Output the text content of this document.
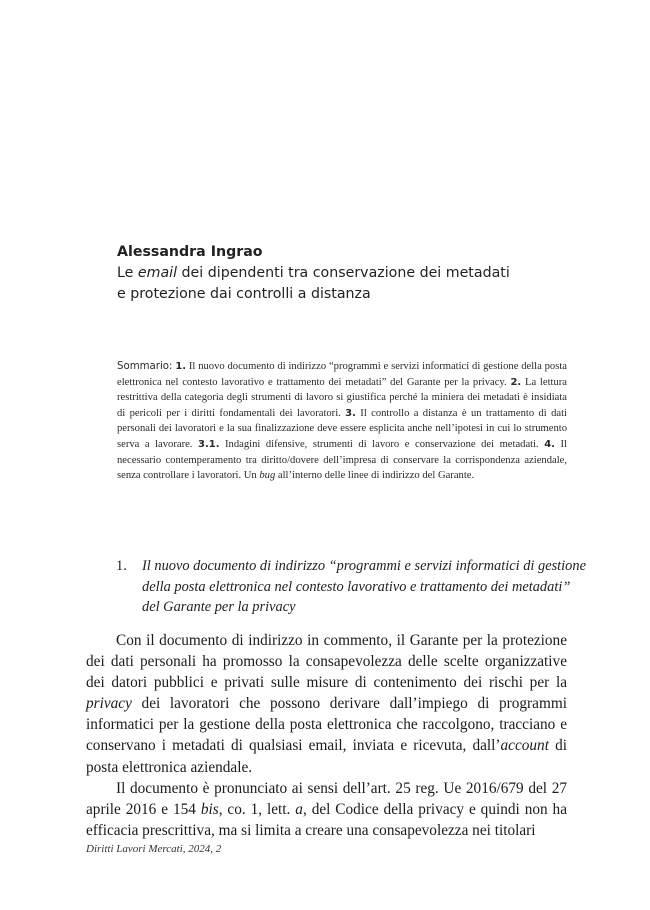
Alessandra Ingrao
Le email dei dipendenti tra conservazione dei metadati
e protezione dai controlli a distanza
Sommario: 1. Il nuovo documento di indirizzo “programmi e servizi informatici di gestione della posta elettronica nel contesto lavorativo e trattamento dei metadati” del Garante per la privacy. 2. La lettura restrittiva della categoria degli strumenti di lavoro si giustifica perché la miniera dei metadati è insidiata di pericoli per i diritti fondamentali dei lavoratori. 3. Il controllo a distanza è un trattamento di dati personali dei lavoratori e la sua finalizzazione deve essere esplicita anche nell’ipotesi in cui lo strumento serva a lavorare. 3.1. Indagini difensive, strumenti di lavoro e conservazione dei metadati. 4. Il necessario contemperamento tra diritto/dovere dell’impresa di conservare la corrispondenza aziendale, senza controllare i lavoratori. Un bug all’interno delle linee di indirizzo del Garante.
1. Il nuovo documento di indirizzo “programmi e servizi informatici di gestione
della posta elettronica nel contesto lavorativo e trattamento dei metadati”
del Garante per la privacy

Con il documento di indirizzo in commento, il Garante per la protezione dei dati personali ha promosso la consapevolezza delle scelte organizzative dei datori pubblici e privati sulle misure di contenimento dei rischi per la privacy dei lavoratori che possono derivare dall’impiego di programmi informatici per la gestione della posta elettronica che raccolgono, tracciano e conservano i metadati di qualsiasi email, inviata e ricevuta, dall’account di posta elettronica aziendale.

Il documento è pronunciato ai sensi dell’art. 25 reg. Ue 2016/679 del 27 aprile 2016 e 154 bis, co. 1, lett. a, del Codice della privacy e quindi non ha efficacia prescrittiva, ma si limita a creare una consapevolezza nei titolari

Diritti Lavori Mercati, 2024, 2
